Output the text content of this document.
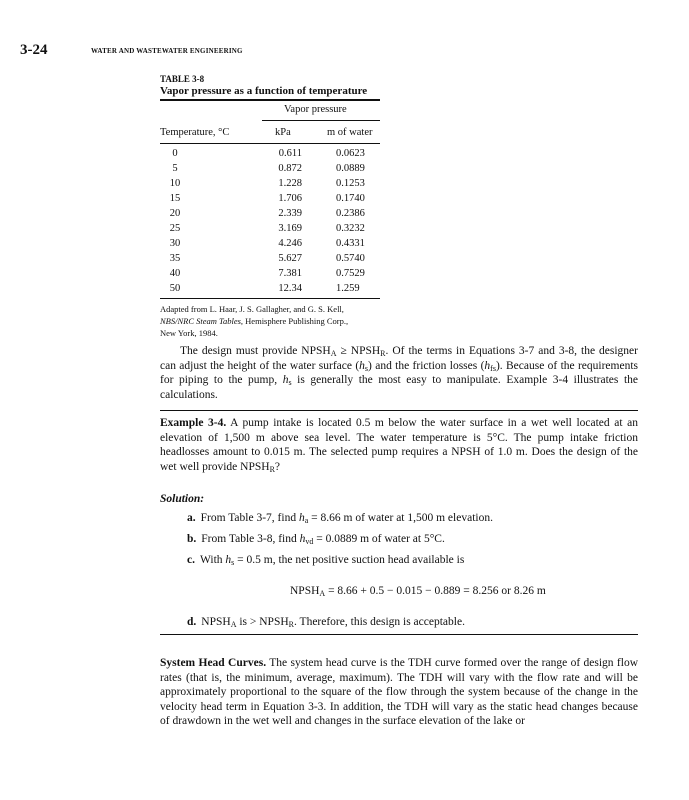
3-24	WATER AND WASTEWATER ENGINEERING
TABLE 3-8
Vapor pressure as a function of temperature
Vapor pressure
Temperature, °C	kPa	m of water
0	0.611	0.0623
5	0.872	0.0889
10	1.228	0.1253
15	1.706	0.1740
20	2.339	0.2386
25	3.169	0.3232
30	4.246	0.4331
35	5.627	0.5740
40	7.381	0.7529
50	12.34	1.259
Adapted from L. Haar, J. S. Gallagher, and G. S. Kell,
NBS/NRC Steam Tables, Hemisphere Publishing Corp.,
New York, 1984.
The design must provide $NPSH_A$ ≥ $NPSH_R$. Of the terms in Equations 3-7 and 3-8, the designer can adjust the height of the water surface $(h_s)$ and the friction losses $(h_{fs})$. Because of the requirements for piping to the pump, $h_s$ is generally the most easy to manipulate. Example 3-4 illustrates the calculations.
Example 3-4. A pump intake is located 0.5 m below the water surface in a wet well located at an elevation of 1,500 m above sea level. The water temperature is 5°C. The pump intake friction headlosses amount to 0.015 m. The selected pump requires a NPSH of 1.0 m. Does the design of the wet well provide $NPSH_R$?
Solution:
a. From Table 3-7, find $h_a = 8.66$ m of water at 1,500 m elevation.
b. From Table 3-8, find $h_{vd} = 0.0889$ m of water at 5°C.
c. With $h_s = 0.5$ m, the net positive suction head available is
$NPSH_A = 8.66 + 0.5 - 0.015 - 0.889 = 8.256$ or 8.26 m
d. $NPSH_A$ is > $NPSH_R$. Therefore, this design is acceptable.
System Head Curves. The system head curve is the TDH curve formed over the range of design flow rates (that is, the minimum, average, maximum). The TDH will vary with the flow rate and will be approximately proportional to the square of the flow through the system because of the change in the velocity head term in Equation 3-3. In addition, the TDH will vary as the static head changes because of drawdown in the wet well and changes in the surface elevation of the lake or
